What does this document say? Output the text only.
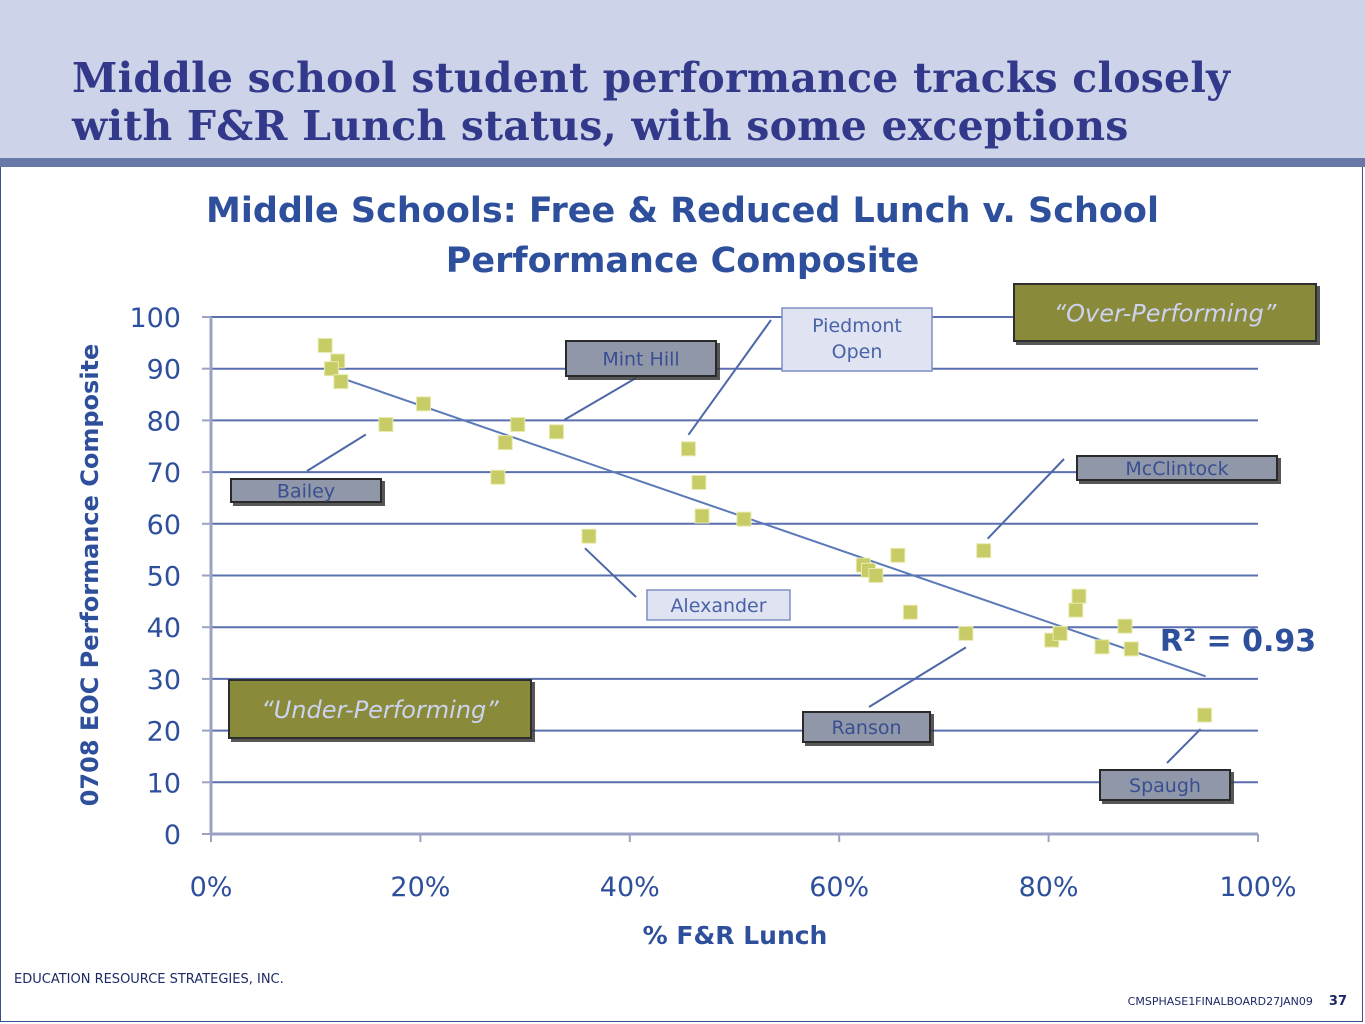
Middle school student performance tracks closely
with F&R Lunch status, with some exceptions
Middle Schools: Free & Reduced Lunch v. School
Performance Composite
0
10
20
30
40
50
60
70
80
90
100
0%	20%	40%	60%	80%	100%
“Over-Performing”
“Under-Performing”
Bailey
Mint Hill
Piedmont
Open
Alexander
McClintock
Ranson
Spaugh
R² = 0.93
% F&R Lunch
0708 EOC Performance Composite
EDUCATION RESOURCE STRATEGIES, INC.
CMSPHASE1FINALBOARD27JAN09 37
